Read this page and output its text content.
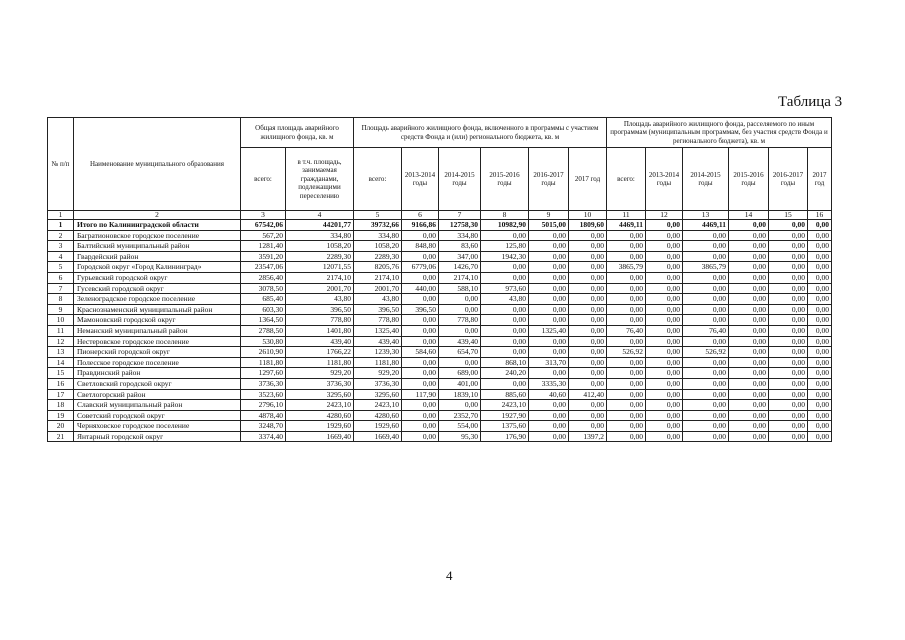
Таблица 3
№ п/п	Наименование муниципального образования	Общая площадь аварийного жилищного фонда, кв. м		Площадь аварийного жилищного фонда, включенного в программы с участием средств Фонда и (или) регионального бюджета, кв. м						Площадь аварийного жилищного фонда, расселяемого по иным программам (муниципальным программам, без участия средств Фонда и регионального бюджета), кв. м					
		всего:	в т.ч. площадь, занимаемая гражданами, подлежащими переселению	всего:	2013-2014 годы	2014-2015 годы	2015-2016 годы	2016-2017 годы	2017 год	всего:	2013-2014 годы	2014-2015 годы	2015-2016 годы	2016-2017 годы	2017 год
1	2	3	4	5	6	7	8	9	10	11	12	13	14	15	16
1	Итого по Калининградской области	67542,06	44201,77	39732,66	9166,86	12758,30	10982,90	5015,00	1809,60	4469,11	0,00	4469,11	0,00	0,00	0,00
2	Багратионовское городское поселение	567,20	334,80	334,80	0,00	334,80	0,00	0,00	0,00	0,00	0,00	0,00	0,00	0,00	0,00
3	Балтийский муниципальный район	1281,40	1058,20	1058,20	848,80	83,60	125,80	0,00	0,00	0,00	0,00	0,00	0,00	0,00	0,00
4	Гвардейский район	3591,20	2289,30	2289,30	0,00	347,00	1942,30	0,00	0,00	0,00	0,00	0,00	0,00	0,00	0,00
5	Городской округ «Город Калининград»	23547,06	12071,55	8205,76	6779,06	1426,70	0,00	0,00	0,00	3865,79	0,00	3865,79	0,00	0,00	0,00
6	Гурьевский городской округ	2856,40	2174,10	2174,10	0,00	2174,10	0,00	0,00	0,00	0,00	0,00	0,00	0,00	0,00	0,00
7	Гусевский городской округ	3078,50	2001,70	2001,70	440,00	588,10	973,60	0,00	0,00	0,00	0,00	0,00	0,00	0,00	0,00
8	Зеленоградское городское поселение	685,40	43,80	43,80	0,00	0,00	43,80	0,00	0,00	0,00	0,00	0,00	0,00	0,00	0,00
9	Краснознаменский муниципальный район	603,30	396,50	396,50	396,50	0,00	0,00	0,00	0,00	0,00	0,00	0,00	0,00	0,00	0,00
10	Мамоновский городской округ	1364,50	778,80	778,80	0,00	778,80	0,00	0,00	0,00	0,00	0,00	0,00	0,00	0,00	0,00
11	Неманский муниципальный район	2788,50	1401,80	1325,40	0,00	0,00	0,00	1325,40	0,00	76,40	0,00	76,40	0,00	0,00	0,00
12	Нестеровское городское поселение	530,80	439,40	439,40	0,00	439,40	0,00	0,00	0,00	0,00	0,00	0,00	0,00	0,00	0,00
13	Пионерский городской округ	2610,90	1766,22	1239,30	584,60	654,70	0,00	0,00	0,00	526,92	0,00	526,92	0,00	0,00	0,00
14	Полесское городское поселение	1181,80	1181,80	1181,80	0,00	0,00	868,10	313,70	0,00	0,00	0,00	0,00	0,00	0,00	0,00
15	Правдинский район	1297,60	929,20	929,20	0,00	689,00	240,20	0,00	0,00	0,00	0,00	0,00	0,00	0,00	0,00
16	Светловский городской округ	3736,30	3736,30	3736,30	0,00	401,00	0,00	3335,30	0,00	0,00	0,00	0,00	0,00	0,00	0,00
17	Светлогорский район	3523,60	3295,60	3295,60	117,90	1839,10	885,60	40,60	412,40	0,00	0,00	0,00	0,00	0,00	0,00
18	Славский муниципальный район	2796,10	2423,10	2423,10	0,00	0,00	2423,10	0,00	0,00	0,00	0,00	0,00	0,00	0,00	0,00
19	Советский городской округ	4878,40	4280,60	4280,60	0,00	2352,70	1927,90	0,00	0,00	0,00	0,00	0,00	0,00	0,00	0,00
20	Черняховское городское поселение	3248,70	1929,60	1929,60	0,00	554,00	1375,60	0,00	0,00	0,00	0,00	0,00	0,00	0,00	0,00
21	Янтарный городской округ	3374,40	1669,40	1669,40	0,00	95,30	176,90	0,00	1397,2	0,00	0,00	0,00	0,00	0,00	0,00
4
